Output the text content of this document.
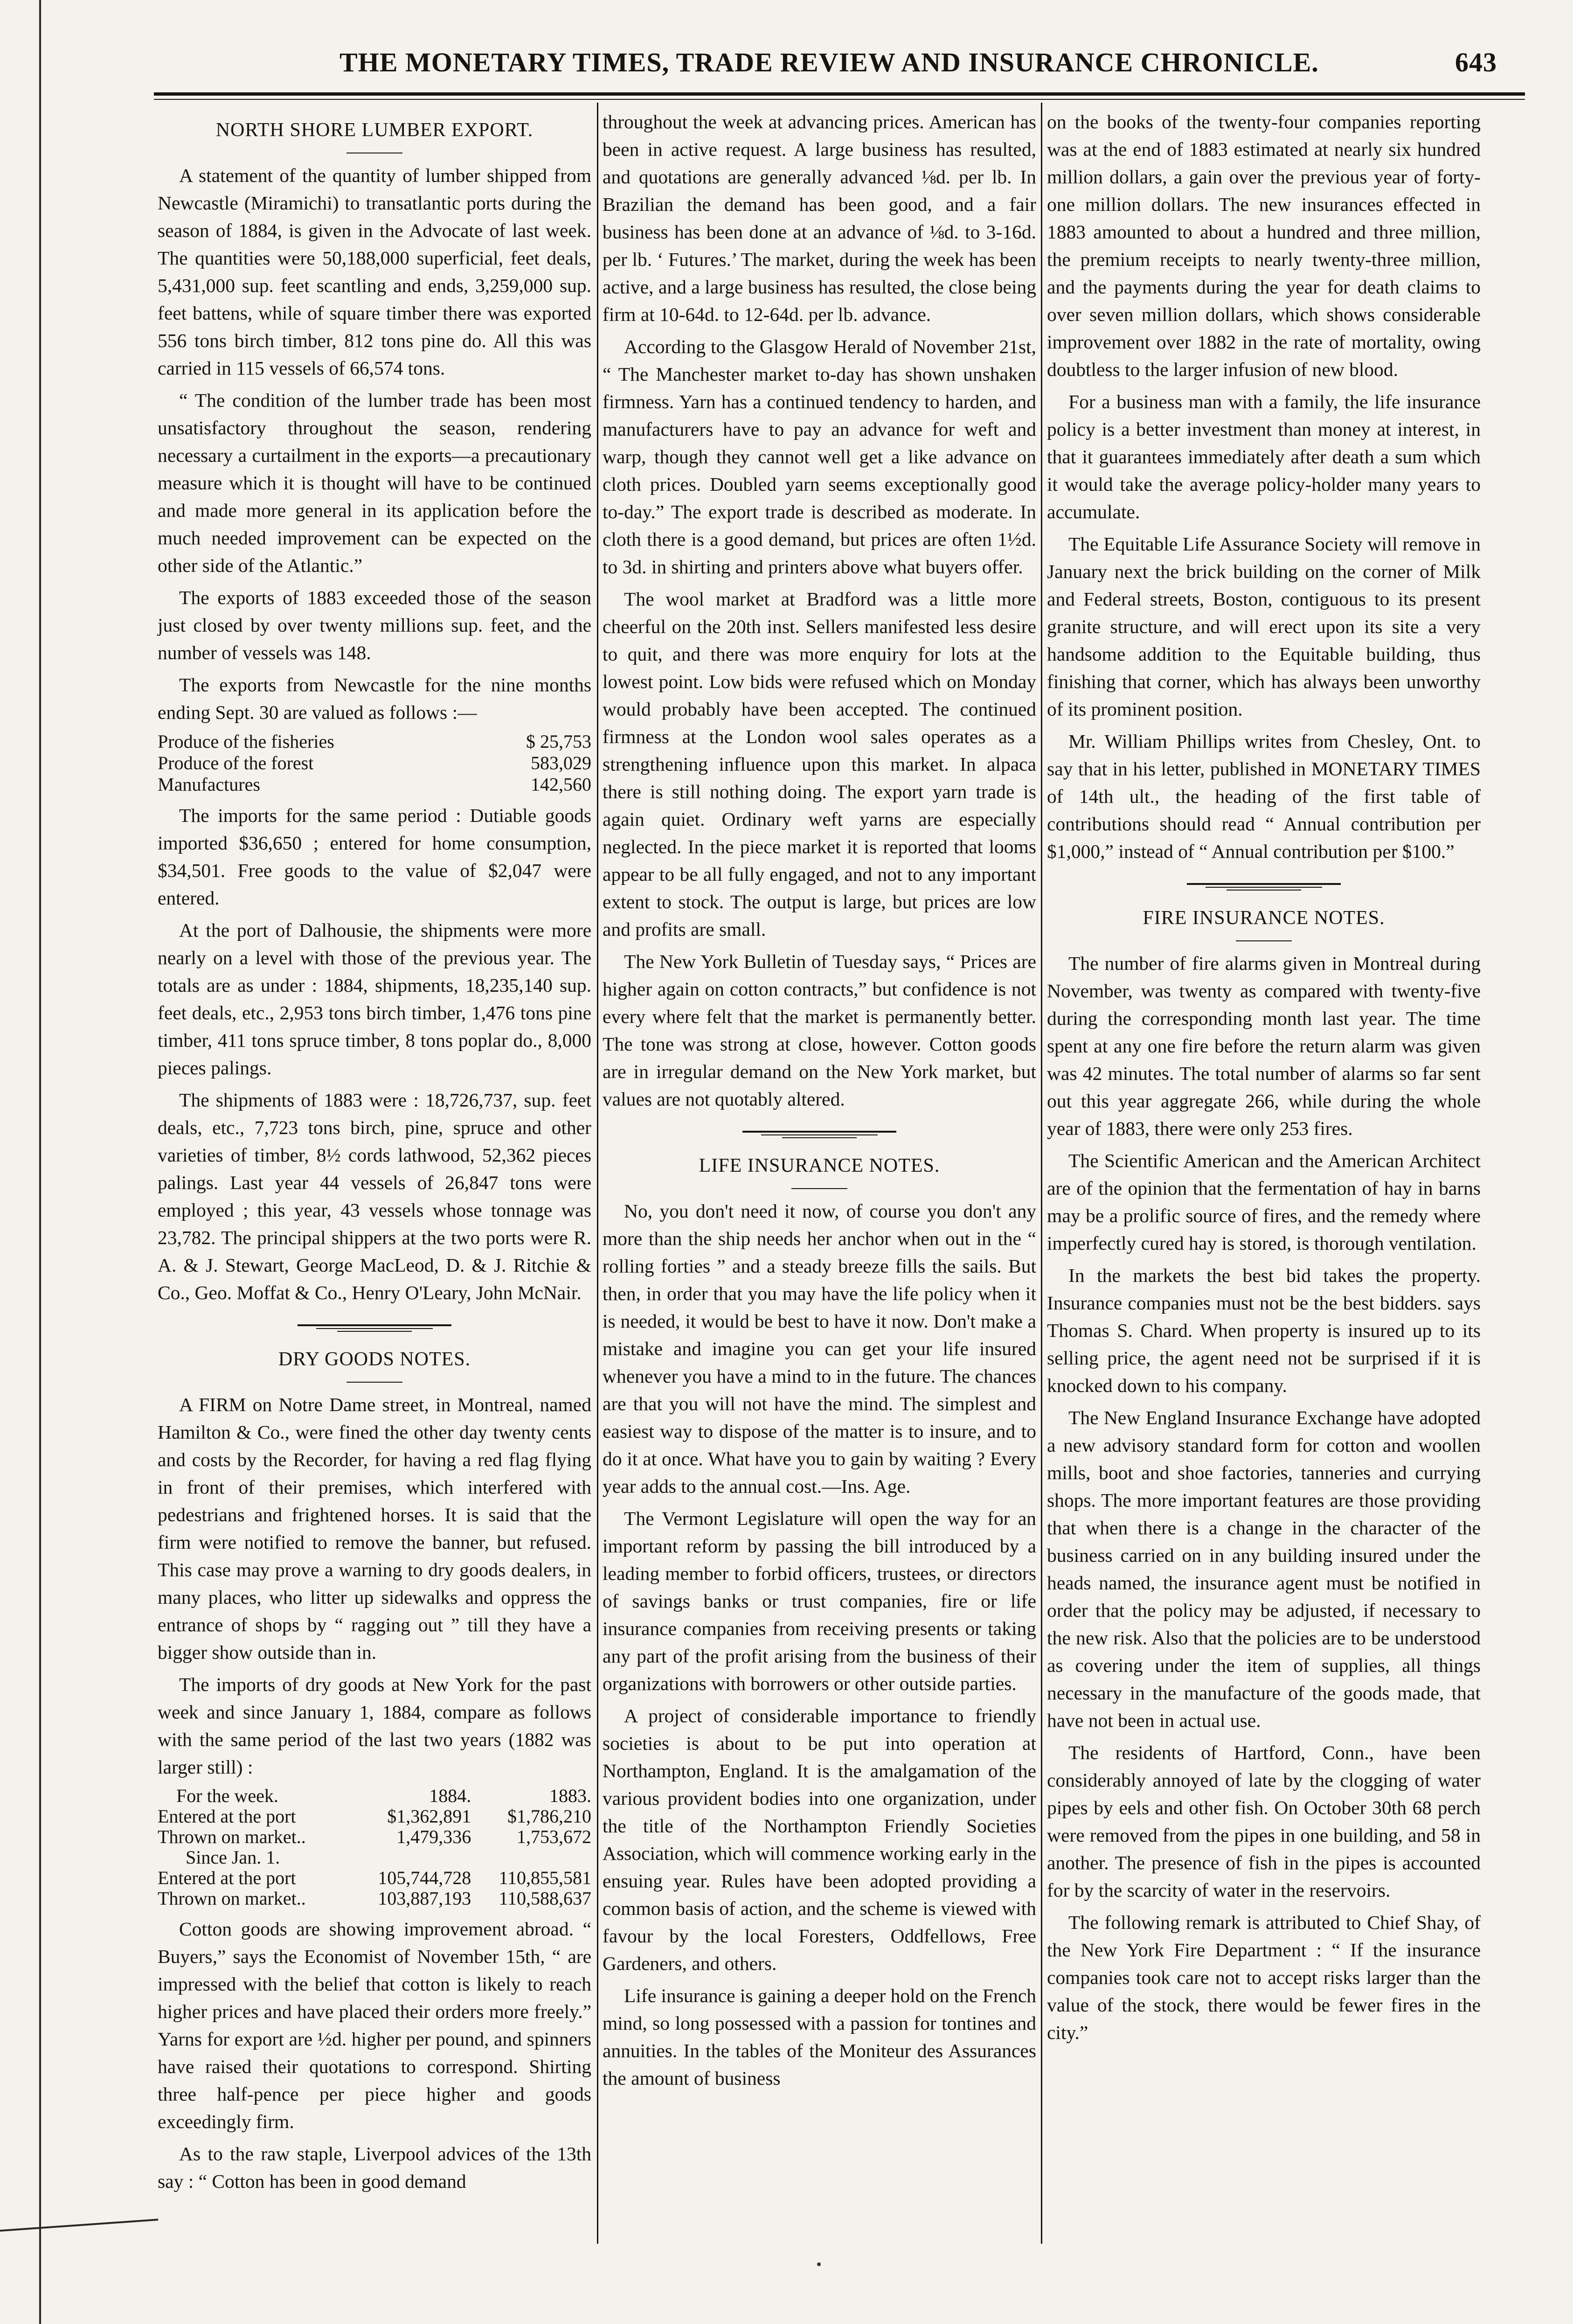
THE MONETARY TIMES, TRADE REVIEW AND INSURANCE CHRONICLE.	643
NORTH SHORE LUMBER EXPORT.

A statement of the quantity of lumber shipped from Newcastle (Miramichi) to transatlantic ports during the season of 1884, is given in the Advocate of last week. The quantities were 50,188,000 superficial, feet deals, 5,431,000 sup. feet scantling and ends, 3,259,000 sup. feet battens, while of square timber there was exported 556 tons birch timber, 812 tons pine do. All this was carried in 115 vessels of 66,574 tons.

“ The condition of the lumber trade has been most unsatisfactory throughout the season, rendering necessary a curtailment in the exports—a precautionary measure which it is thought will have to be continued and made more general in its application before the much needed improvement can be expected on the other side of the Atlantic.”

The exports of 1883 exceeded those of the season just closed by over twenty millions sup. feet, and the number of vessels was 148.

The exports from Newcastle for the nine months ending Sept. 30 are valued as follows :—

Produce of the fisheries	$ 25,753
Produce of the forest	583,029
Manufactures	142,560

The imports for the same period : Dutiable goods imported $36,650 ; entered for home consumption, $34,501. Free goods to the value of $2,047 were entered.

At the port of Dalhousie, the shipments were more nearly on a level with those of the previous year. The totals are as under : 1884, shipments, 18,235,140 sup. feet deals, etc., 2,953 tons birch timber, 1,476 tons pine timber, 411 tons spruce timber, 8 tons poplar do., 8,000 pieces palings.

The shipments of 1883 were : 18,726,737, sup. feet deals, etc., 7,723 tons birch, pine, spruce and other varieties of timber, 8½ cords lathwood, 52,362 pieces palings. Last year 44 vessels of 26,847 tons were employed ; this year, 43 vessels whose tonnage was 23,782. The principal shippers at the two ports were R. A. & J. Stewart, George MacLeod, D. & J. Ritchie & Co., Geo. Moffat & Co., Henry O'Leary, John McNair.

DRY GOODS NOTES.

A FIRM on Notre Dame street, in Montreal, named Hamilton & Co., were fined the other day twenty cents and costs by the Recorder, for having a red flag flying in front of their premises, which interfered with pedestrians and frightened horses. It is said that the firm were notified to remove the banner, but refused. This case may prove a warning to dry goods dealers, in many places, who litter up sidewalks and oppress the entrance of shops by “ ragging out ” till they have a bigger show outside than in.

The imports of dry goods at New York for the past week and since January 1, 1884, compare as follows with the same period of the last two years (1882 was larger still) :

For the week.	1884.	1883.
Entered at the port	$1,362,891	$1,786,210
Thrown on market..	1,479,336	1,753,672
Since Jan. 1.		
Entered at the port	105,744,728	110,855,581
Thrown on market..	103,887,193	110,588,637

Cotton goods are showing improvement abroad. “ Buyers,” says the Economist of November 15th, “ are impressed with the belief that cotton is likely to reach higher prices and have placed their orders more freely.” Yarns for export are ½d. higher per pound, and spinners have raised their quotations to correspond. Shirting three half-pence per piece higher and goods exceedingly firm.

As to the raw staple, Liverpool advices of the 13th say : “ Cotton has been in good demand

throughout the week at advancing prices. American has been in active request. A large business has resulted, and quotations are generally advanced ⅛d. per lb. In Brazilian the demand has been good, and a fair business has been done at an advance of ⅛d. to 3-16d. per lb. ‘ Futures.’ The market, during the week has been active, and a large business has resulted, the close being firm at 10-64d. to 12-64d. per lb. advance.

According to the Glasgow Herald of November 21st, “ The Manchester market to-day has shown unshaken firmness. Yarn has a continued tendency to harden, and manufacturers have to pay an advance for weft and warp, though they cannot well get a like advance on cloth prices. Doubled yarn seems exceptionally good to-day.” The export trade is described as moderate. In cloth there is a good demand, but prices are often 1½d. to 3d. in shirting and printers above what buyers offer.

The wool market at Bradford was a little more cheerful on the 20th inst. Sellers manifested less desire to quit, and there was more enquiry for lots at the lowest point. Low bids were refused which on Monday would probably have been accepted. The continued firmness at the London wool sales operates as a strengthening influence upon this market. In alpaca there is still nothing doing. The export yarn trade is again quiet. Ordinary weft yarns are especially neglected. In the piece market it is reported that looms appear to be all fully engaged, and not to any important extent to stock. The output is large, but prices are low and profits are small.

The New York Bulletin of Tuesday says, “ Prices are higher again on cotton contracts,” but confidence is not every where felt that the market is permanently better. The tone was strong at close, however. Cotton goods are in irregular demand on the New York market, but values are not quotably altered.

LIFE INSURANCE NOTES.

No, you don't need it now, of course you don't any more than the ship needs her anchor when out in the “ rolling forties ” and a steady breeze fills the sails. But then, in order that you may have the life policy when it is needed, it would be best to have it now. Don't make a mistake and imagine you can get your life insured whenever you have a mind to in the future. The chances are that you will not have the mind. The simplest and easiest way to dispose of the matter is to insure, and to do it at once. What have you to gain by waiting ? Every year adds to the annual cost.—Ins. Age.

The Vermont Legislature will open the way for an important reform by passing the bill introduced by a leading member to forbid officers, trustees, or directors of savings banks or trust companies, fire or life insurance companies from receiving presents or taking any part of the profit arising from the business of their organizations with borrowers or other outside parties.

A project of considerable importance to friendly societies is about to be put into operation at Northampton, England. It is the amalgamation of the various provident bodies into one organization, under the title of the Northampton Friendly Societies Association, which will commence working early in the ensuing year. Rules have been adopted providing a common basis of action, and the scheme is viewed with favour by the local Foresters, Oddfellows, Free Gardeners, and others.

Life insurance is gaining a deeper hold on the French mind, so long possessed with a passion for tontines and annuities. In the tables of the Moniteur des Assurances the amount of business

on the books of the twenty-four companies reporting was at the end of 1883 estimated at nearly six hundred million dollars, a gain over the previous year of forty-one million dollars. The new insurances effected in 1883 amounted to about a hundred and three million, the premium receipts to nearly twenty-three million, and the payments during the year for death claims to over seven million dollars, which shows considerable improvement over 1882 in the rate of mortality, owing doubtless to the larger infusion of new blood.

For a business man with a family, the life insurance policy is a better investment than money at interest, in that it guarantees immediately after death a sum which it would take the average policy-holder many years to accumulate.

The Equitable Life Assurance Society will remove in January next the brick building on the corner of Milk and Federal streets, Boston, contiguous to its present granite structure, and will erect upon its site a very handsome addition to the Equitable building, thus finishing that corner, which has always been unworthy of its prominent position.

Mr. William Phillips writes from Chesley, Ont. to say that in his letter, published in MONETARY TIMES of 14th ult., the heading of the first table of contributions should read “ Annual contribution per $1,000,” instead of “ Annual contribution per $100.”

FIRE INSURANCE NOTES.

The number of fire alarms given in Montreal during November, was twenty as compared with twenty-five during the corresponding month last year. The time spent at any one fire before the return alarm was given was 42 minutes. The total number of alarms so far sent out this year aggregate 266, while during the whole year of 1883, there were only 253 fires.

The Scientific American and the American Architect are of the opinion that the fermentation of hay in barns may be a prolific source of fires, and the remedy where imperfectly cured hay is stored, is thorough ventilation.

In the markets the best bid takes the property. Insurance companies must not be the best bidders. says Thomas S. Chard. When property is insured up to its selling price, the agent need not be surprised if it is knocked down to his company.

The New England Insurance Exchange have adopted a new advisory standard form for cotton and woollen mills, boot and shoe factories, tanneries and currying shops. The more important features are those providing that when there is a change in the character of the business carried on in any building insured under the heads named, the insurance agent must be notified in order that the policy may be adjusted, if necessary to the new risk. Also that the policies are to be understood as covering under the item of supplies, all things necessary in the manufacture of the goods made, that have not been in actual use.

The residents of Hartford, Conn., have been considerably annoyed of late by the clogging of water pipes by eels and other fish. On October 30th 68 perch were removed from the pipes in one building, and 58 in another. The presence of fish in the pipes is accounted for by the scarcity of water in the reservoirs.

The following remark is attributed to Chief Shay, of the New York Fire Department : “ If the insurance companies took care not to accept risks larger than the value of the stock, there would be fewer fires in the city.”
